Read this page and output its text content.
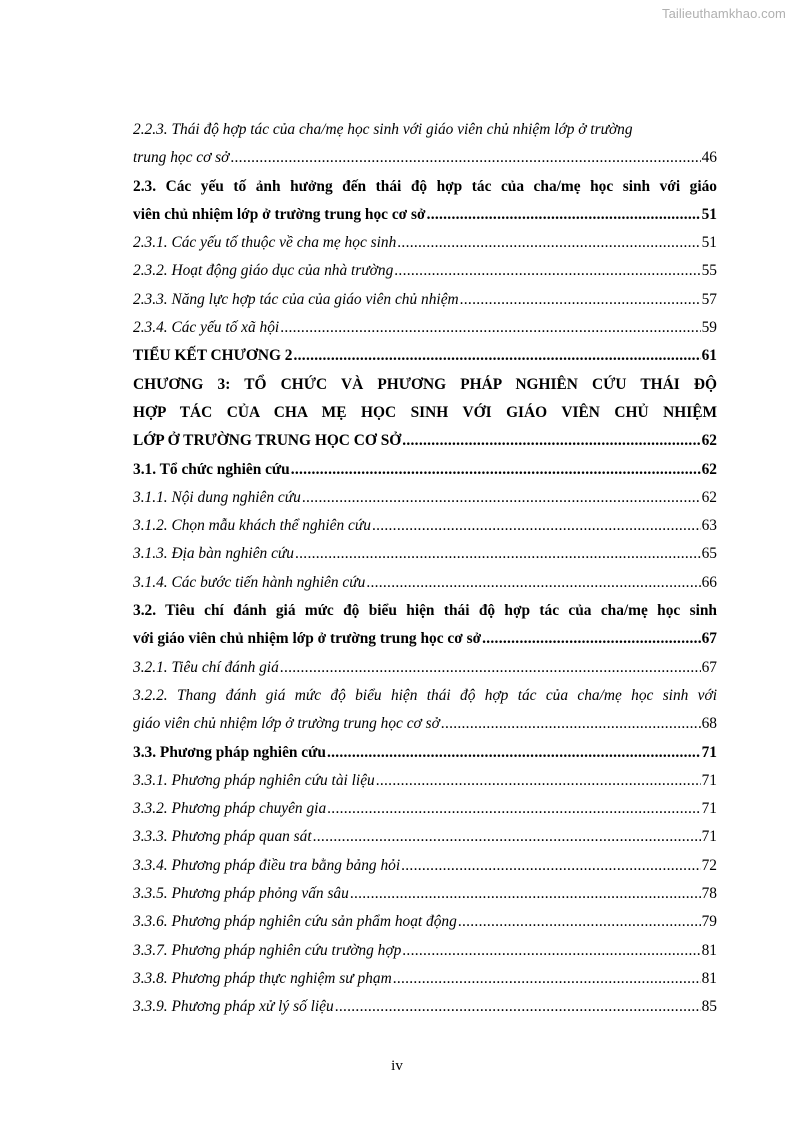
Tailieuthamkhao.com
2.2.3. Thái độ hợp tác của cha/mẹ học sinh với giáo viên chủ nhiệm lớp ở trường
trung học cơ sở .....	46
2.3. Các yếu tố ảnh hưởng đến thái độ hợp tác của cha/mẹ học sinh với giáo
viên chủ nhiệm lớp ở trường trung học cơ sở .....	51
2.3.1. Các yếu tố thuộc về cha mẹ học sinh .....	51
2.3.2. Hoạt động giáo dục của nhà trường .....	55
2.3.3. Năng lực hợp tác của của giáo viên chủ nhiệm .....	57
2.3.4. Các yếu tố xã hội .....	59
TIỂU KẾT CHƯƠNG 2 .....	61
CHƯƠNG 3: TỔ CHỨC VÀ PHƯƠNG PHÁP NGHIÊN CỨU THÁI ĐỘ
HỢP TÁC CỦA CHA MẸ HỌC SINH VỚI GIÁO VIÊN CHỦ NHIỆM
LỚP Ở TRƯỜNG TRUNG HỌC CƠ SỞ .....	62
3.1. Tổ chức nghiên cứu .....	62
3.1.1. Nội dung nghiên cứu .....	62
3.1.2. Chọn mẫu khách thể nghiên cứu .....	63
3.1.3. Địa bàn nghiên cứu .....	65
3.1.4. Các bước tiến hành nghiên cứu .....	66
3.2. Tiêu chí đánh giá mức độ biểu hiện thái độ hợp tác của cha/mẹ học sinh
với giáo viên chủ nhiệm lớp ở trường trung học cơ sở .....	67
3.2.1. Tiêu chí đánh giá .....	67
3.2.2. Thang đánh giá mức độ biểu hiện thái độ hợp tác của cha/mẹ học sinh với
giáo viên chủ nhiệm lớp ở trường trung học cơ sở .....	68
3.3. Phương pháp nghiên cứu .....	71
3.3.1. Phương pháp nghiên cứu tài liệu .....	71
3.3.2. Phương pháp chuyên gia .....	71
3.3.3. Phương pháp quan sát .....	71
3.3.4. Phương pháp điều tra bằng bảng hỏi .....	72
3.3.5. Phương pháp phỏng vấn sâu .....	78
3.3.6. Phương pháp nghiên cứu sản phẩm hoạt động .....	79
3.3.7. Phương pháp nghiên cứu trường hợp .....	81
3.3.8. Phương pháp thực nghiệm sư phạm .....	81
3.3.9. Phương pháp xử lý số liệu .....	85
iv
